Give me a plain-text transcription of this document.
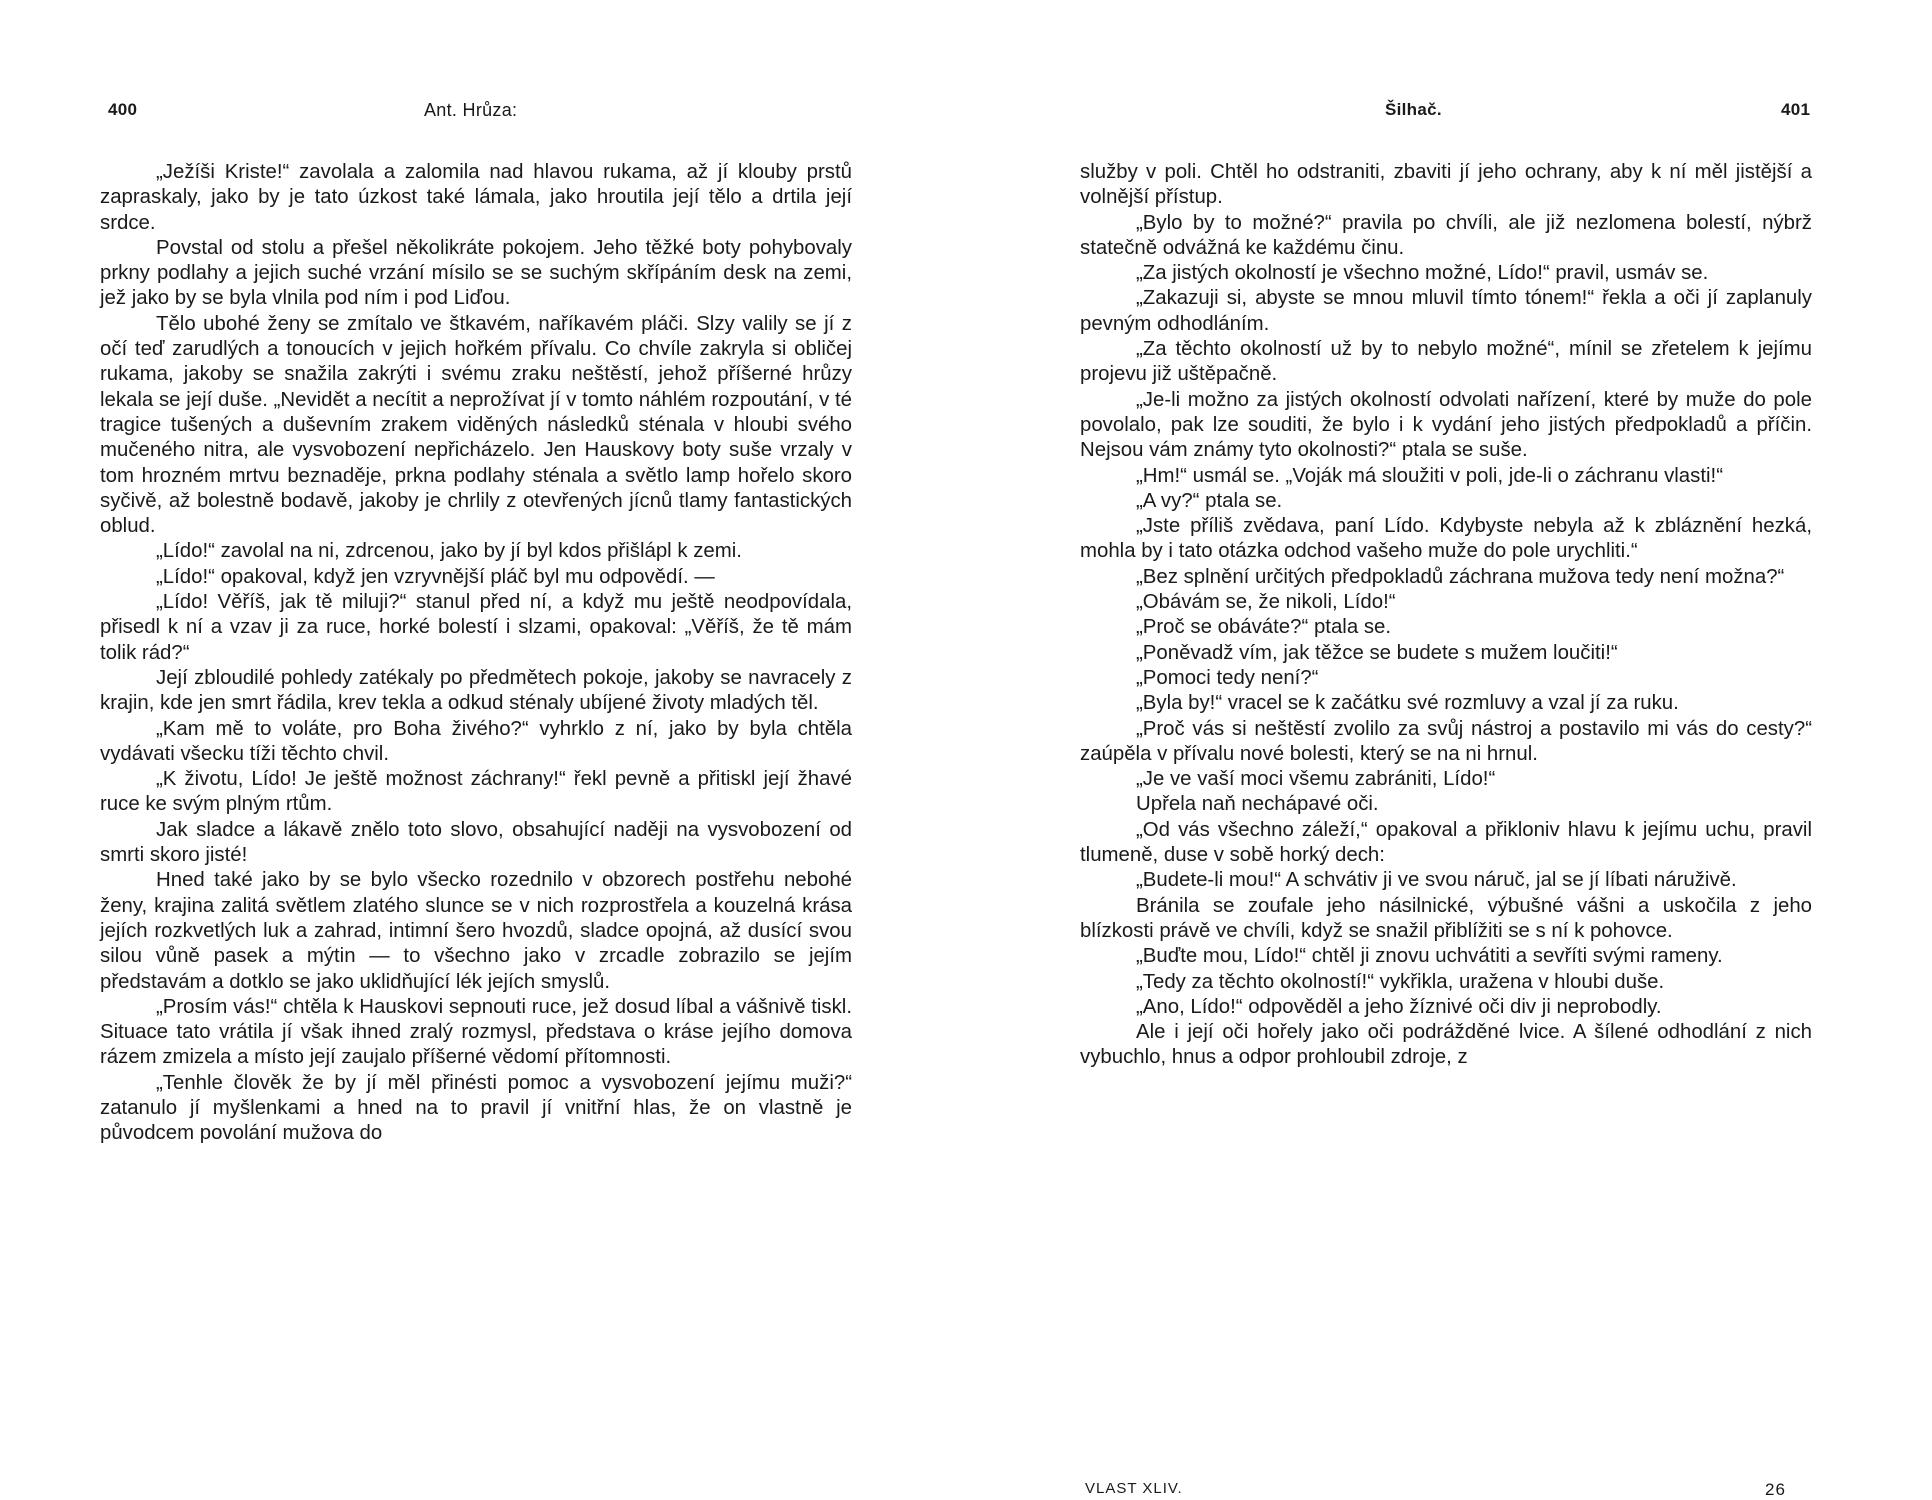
400	Ant. Hrůza:

„Ježíši Kriste!“ zavolala a zalomila nad hlavou rukama, až jí klouby prstů zapraskaly, jako by je tato úzkost také lámala, jako hroutila její tělo a drtila její srdce.

Povstal od stolu a přešel několikráte pokojem. Jeho těžké boty pohybovaly prkny podlahy a jejich suché vrzání mísilo se se suchým skřípáním desk na zemi, jež jako by se byla vlnila pod ním i pod Liďou.

Tělo ubohé ženy se zmítalo ve štkavém, naříkavém pláči. Slzy valily se jí z očí teď zarudlých a tonoucích v jejich hořkém přívalu. Co chvíle zakryla si obličej rukama, jakoby se snažila zakrýti i svému zraku neštěstí, jehož příšerné hrůzy lekala se její duše. „Nevidět a necítit a neprožívat jí v tomto náhlém rozpoutání, v té tragice tušených a duševním zrakem viděných následků sténala v hloubi svého mučeného nitra, ale vysvobození nepřicházelo. Jen Hauskovy boty suše vrzaly v tom hrozném mrtvu beznaděje, prkna podlahy sténala a světlo lamp hořelo skoro syčivě, až bolestně bodavě, jakoby je chrlily z otevřených jícnů tlamy fantastických oblud.

„Lído!“ zavolal na ni, zdrcenou, jako by jí byl kdos přišlápl k zemi.

„Lído!“ opakoval, když jen vzryvnější pláč byl mu odpovědí. —

„Lído! Věříš, jak tě miluji?“ stanul před ní, a když mu ještě neodpovídala, přisedl k ní a vzav ji za ruce, horké bolestí i slzami, opakoval: „Věříš, že tě mám tolik rád?“

Její zbloudilé pohledy zatékaly po předmětech pokoje, jakoby se navracely z krajin, kde jen smrt řádila, krev tekla a odkud sténaly ubíjené životy mladých těl.

„Kam mě to voláte, pro Boha živého?“ vyhrklo z ní, jako by byla chtěla vydávati všecku tíži těchto chvil.

„K životu, Lído! Je ještě možnost záchrany!“ řekl pevně a přitiskl její žhavé ruce ke svým plným rtům.

Jak sladce a lákavě znělo toto slovo, obsahující naději na vysvobození od smrti skoro jisté!

Hned také jako by se bylo všecko rozednilo v obzorech postřehu nebohé ženy, krajina zalitá světlem zlatého slunce se v nich rozprostřela a kouzelná krása jejích rozkvetlých luk a zahrad, intimní šero hvozdů, sladce opojná, až dusící svou silou vůně pasek a mýtin — to všechno jako v zrcadle zobrazilo se jejím představám a dotklo se jako uklidňující lék jejích smyslů.

„Prosím vás!“ chtěla k Hauskovi sepnouti ruce, jež dosud líbal a vášnivě tiskl. Situace tato vrátila jí však ihned zralý rozmysl, představa o kráse jejího domova rázem zmizela a místo její zaujalo příšerné vědomí přítomnosti.

„Tenhle člověk že by jí měl přinésti pomoc a vysvobození jejímu muži?“ zatanulo jí myšlenkami a hned na to pravil jí vnitřní hlas, že on vlastně je původcem povolání mužova do

Šilhač.	401

služby v poli. Chtěl ho odstraniti, zbaviti jí jeho ochrany, aby k ní měl jistější a volnější přístup.

„Bylo by to možné?“ pravila po chvíli, ale již nezlomena bolestí, nýbrž statečně odvážná ke každému činu.

„Za jistých okolností je všechno možné, Lído!“ pravil, usmáv se.

„Zakazuji si, abyste se mnou mluvil tímto tónem!“ řekla a oči jí zaplanuly pevným odhodláním.

„Za těchto okolností už by to nebylo možné“, mínil se zřetelem k jejímu projevu již uštěpačně.

„Je-li možno za jistých okolností odvolati nařízení, které by muže do pole povolalo, pak lze souditi, že bylo i k vydání jeho jistých předpokladů a příčin. Nejsou vám známy tyto okolnosti?“ ptala se suše.

„Hm!“ usmál se. „Voják má sloužiti v poli, jde-li o záchranu vlasti!“

„A vy?“ ptala se.

„Jste příliš zvědava, paní Lído. Kdybyste nebyla až k zbláznění hezká, mohla by i tato otázka odchod vašeho muže do pole urychliti.“

„Bez splnění určitých předpokladů záchrana mužova tedy není možna?“

„Obávám se, že nikoli, Lído!“

„Proč se obáváte?“ ptala se.

„Poněvadž vím, jak těžce se budete s mužem loučiti!“

„Pomoci tedy není?“

„Byla by!“ vracel se k začátku své rozmluvy a vzal jí za ruku.

„Proč vás si neštěstí zvolilo za svůj nástroj a postavilo mi vás do cesty?“ zaúpěla v přívalu nové bolesti, který se na ni hrnul.

„Je ve vaší moci všemu zabrániti, Lído!“

Upřela naň nechápavé oči.

„Od vás všechno záleží,“ opakoval a přikloniv hlavu k jejímu uchu, pravil tlumeně, duse v sobě horký dech:

„Budete-li mou!“ A schvátiv ji ve svou náruč, jal se jí líbati náruživě.

Bránila se zoufale jeho násilnické, výbušné vášni a uskočila z jeho blízkosti právě ve chvíli, když se snažil přiblížiti se s ní k pohovce.

„Buďte mou, Lído!“ chtěl ji znovu uchvátiti a sevříti svými rameny.

„Tedy za těchto okolností!“ vykřikla, uražena v hloubi duše.

„Ano, Lído!“ odpověděl a jeho žíznivé oči div ji neprobodly.

Ale i její oči hořely jako oči podrážděné lvice. A šílené odhodlání z nich vybuchlo, hnus a odpor prohloubil zdroje, z

VLAST XLIV.	26
